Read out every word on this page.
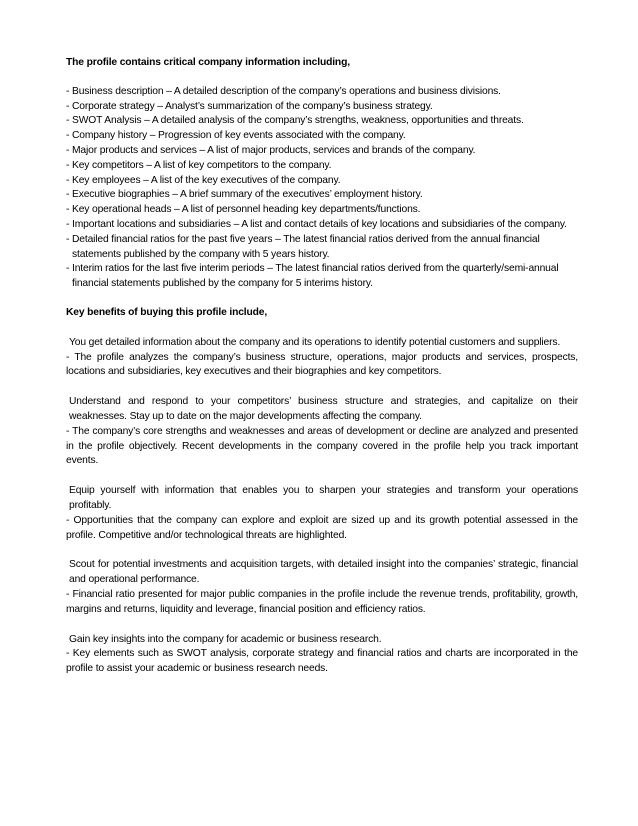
The profile contains critical company information including,

- Business description – A detailed description of the company’s operations and business divisions.
- Corporate strategy – Analyst’s summarization of the company’s business strategy.
- SWOT Analysis – A detailed analysis of the company’s strengths, weakness, opportunities and threats.
- Company history – Progression of key events associated with the company.
- Major products and services – A list of major products, services and brands of the company.
- Key competitors – A list of key competitors to the company.
- Key employees – A list of the key executives of the company.
- Executive biographies – A brief summary of the executives’ employment history.
- Key operational heads – A list of personnel heading key departments/functions.
- Important locations and subsidiaries – A list and contact details of key locations and subsidiaries of the company.
- Detailed financial ratios for the past five years – The latest financial ratios derived from the annual financial statements published by the company with 5 years history.
- Interim ratios for the last five interim periods – The latest financial ratios derived from the quarterly/semi-annual financial statements published by the company for 5 interims history.

Key benefits of buying this profile include,

You get detailed information about the company and its operations to identify potential customers and suppliers.

- The profile analyzes the company’s business structure, operations, major products and services, prospects, locations and subsidiaries, key executives and their biographies and key competitors.

Understand and respond to your competitors’ business structure and strategies, and capitalize on their weaknesses. Stay up to date on the major developments affecting the company.

- The company’s core strengths and weaknesses and areas of development or decline are analyzed and presented in the profile objectively. Recent developments in the company covered in the profile help you track important events.

Equip yourself with information that enables you to sharpen your strategies and transform your operations profitably.

- Opportunities that the company can explore and exploit are sized up and its growth potential assessed in the profile. Competitive and/or technological threats are highlighted.

Scout for potential investments and acquisition targets, with detailed insight into the companies’ strategic, financial and operational performance.

- Financial ratio presented for major public companies in the profile include the revenue trends, profitability, growth, margins and returns, liquidity and leverage, financial position and efficiency ratios.

Gain key insights into the company for academic or business research.

- Key elements such as SWOT analysis, corporate strategy and financial ratios and charts are incorporated in the profile to assist your academic or business research needs.
